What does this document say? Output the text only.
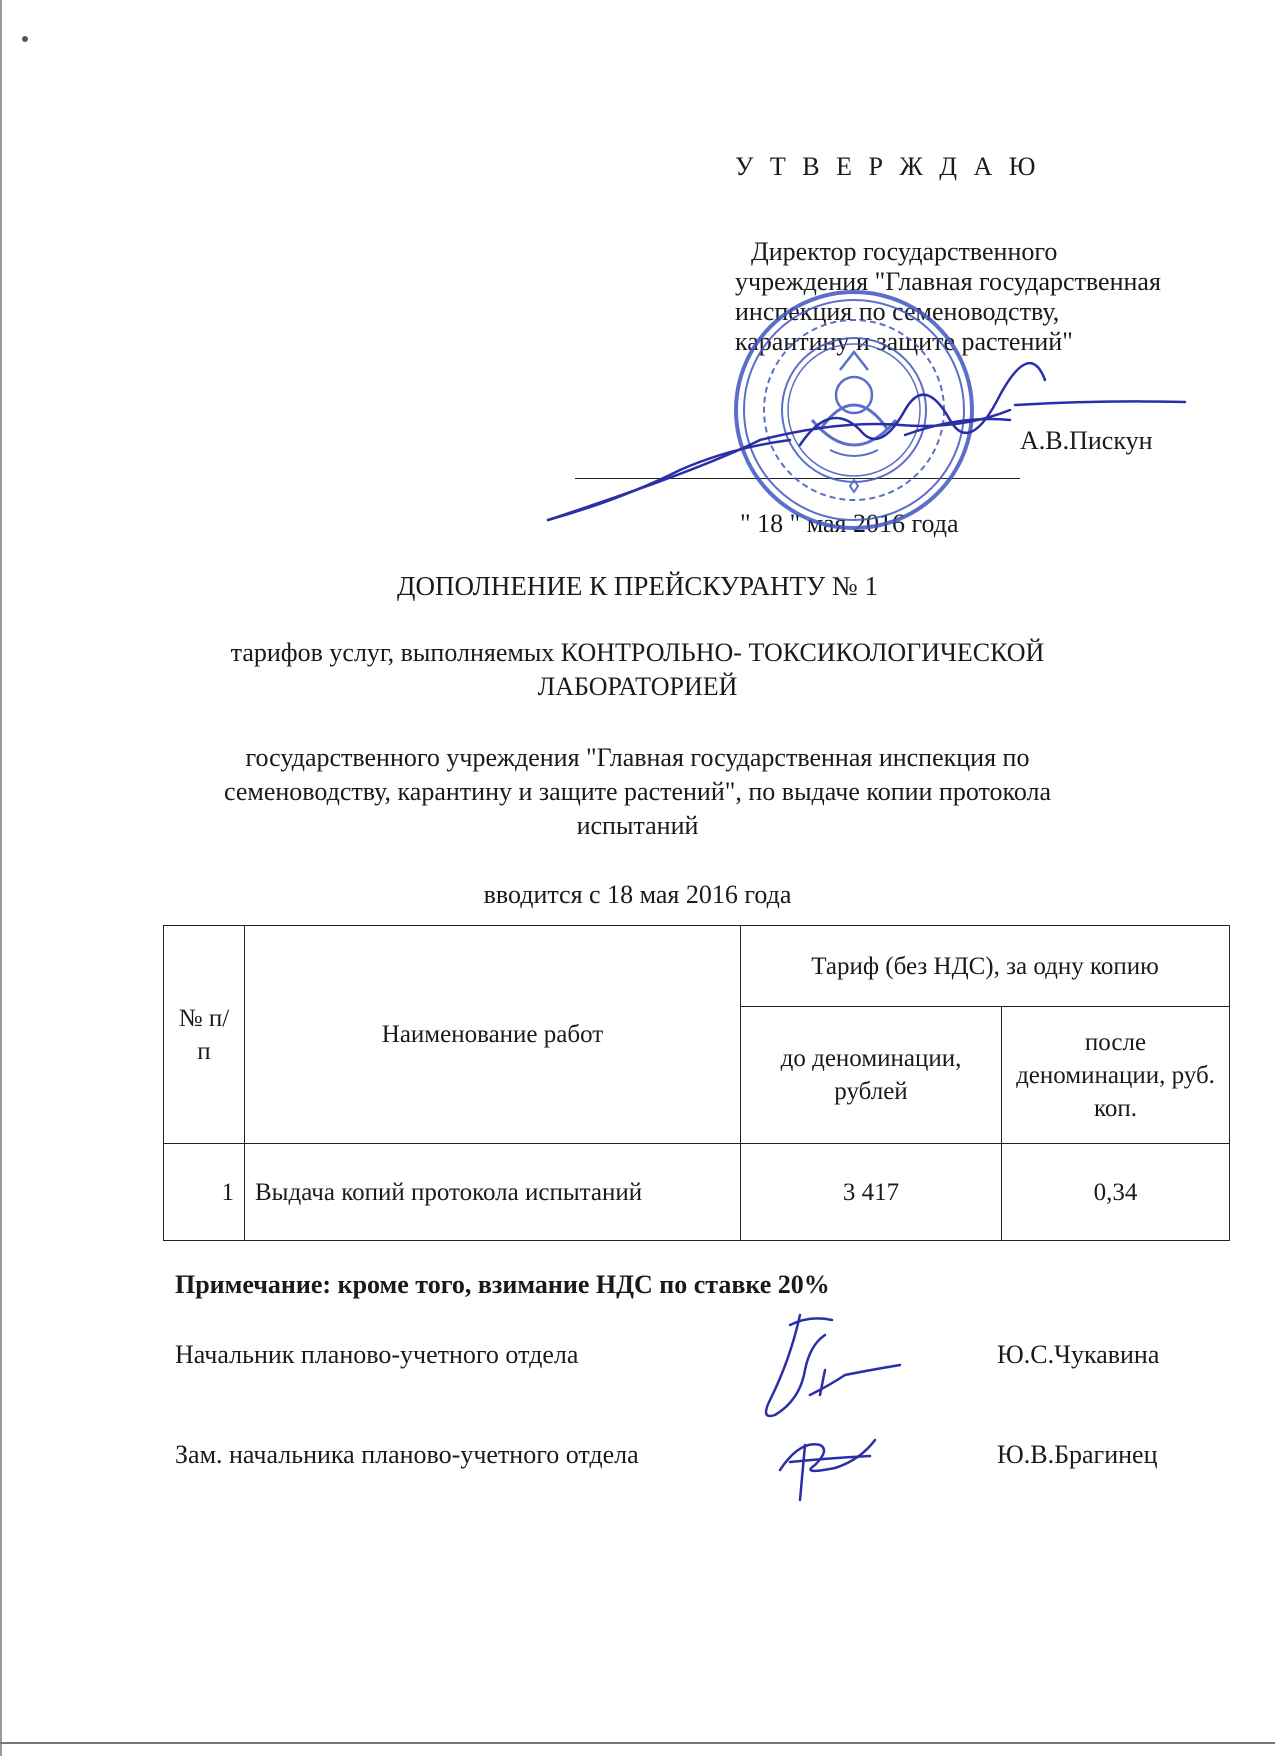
У Т В Е Р Ж Д А Ю
Директор государственного
учреждения "Главная государственная
инспекция по семеноводству,
карантину и защите растений"
А.В.Пискун
" 18 " мая 2016 года
ДОПОЛНЕНИЕ К ПРЕЙСКУРАНТУ № 1
тарифов услуг, выполняемых КОНТРОЛЬНО- ТОКСИКОЛОГИЧЕСКОЙ
ЛАБОРАТОРИЕЙ
государственного учреждения "Главная государственная инспекция по
семеноводству, карантину и защите растений", по выдаче копии протокола
испытаний
вводится с 18 мая 2016 года
№ п/п	Наименование работ	Тариф (без НДС), за одну копию	
		до деноминации, рублей	после деноминации, руб. коп.
1	Выдача копий протокола испытаний	3 417	0,34
Примечание: кроме того, взимание НДС по ставке 20%
Начальник планово-учетного отдела	Ю.С.Чукавина
Зам. начальника планово-учетного отдела	Ю.В.Брагинец
